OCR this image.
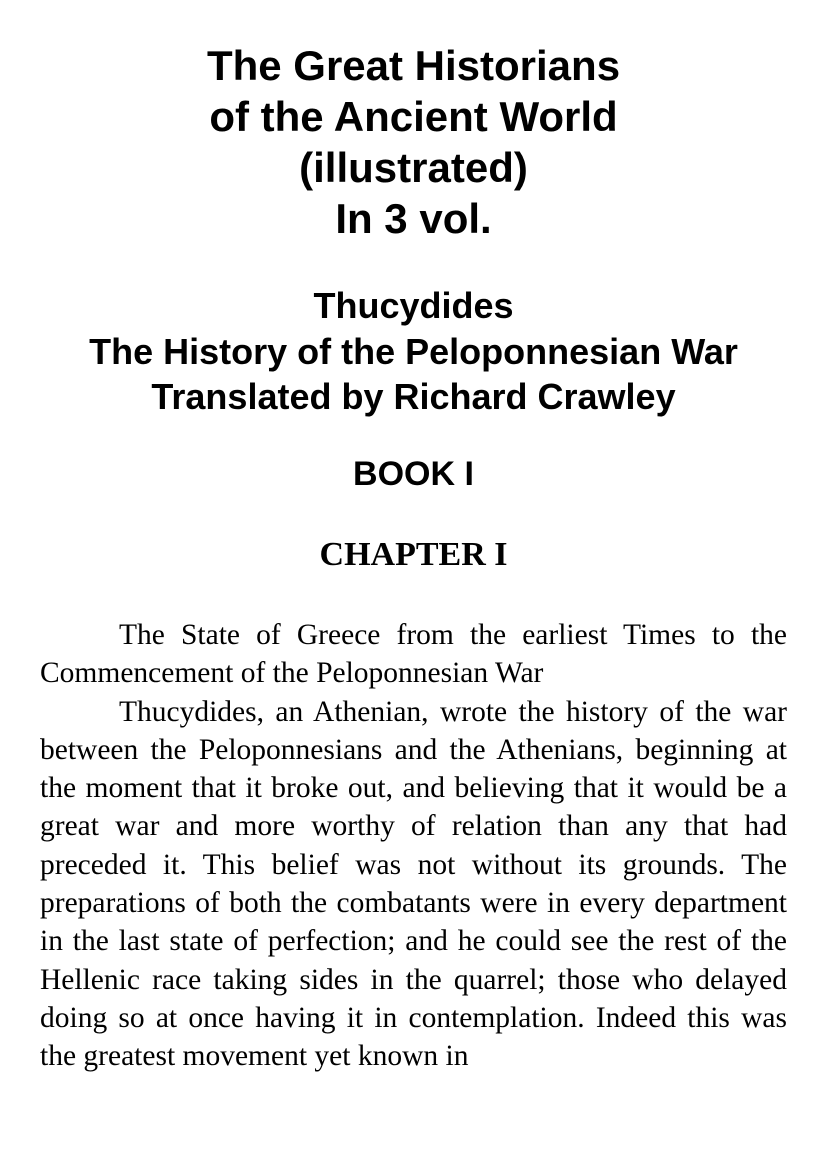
The Great Historians
of the Ancient World
(illustrated)
In 3 vol.
Thucydides
The History of the Peloponnesian War
Translated by Richard Crawley
BOOK I
CHAPTER I

The State of Greece from the earliest Times to the Commencement of the Peloponnesian War

Thucydides, an Athenian, wrote the history of the war between the Peloponnesians and the Athenians, beginning at the moment that it broke out, and believing that it would be a great war and more worthy of relation than any that had preceded it. This belief was not without its grounds. The preparations of both the combatants were in every department in the last state of perfection; and he could see the rest of the Hellenic race taking sides in the quarrel; those who delayed doing so at once having it in contemplation. Indeed this was the greatest movement yet known in
